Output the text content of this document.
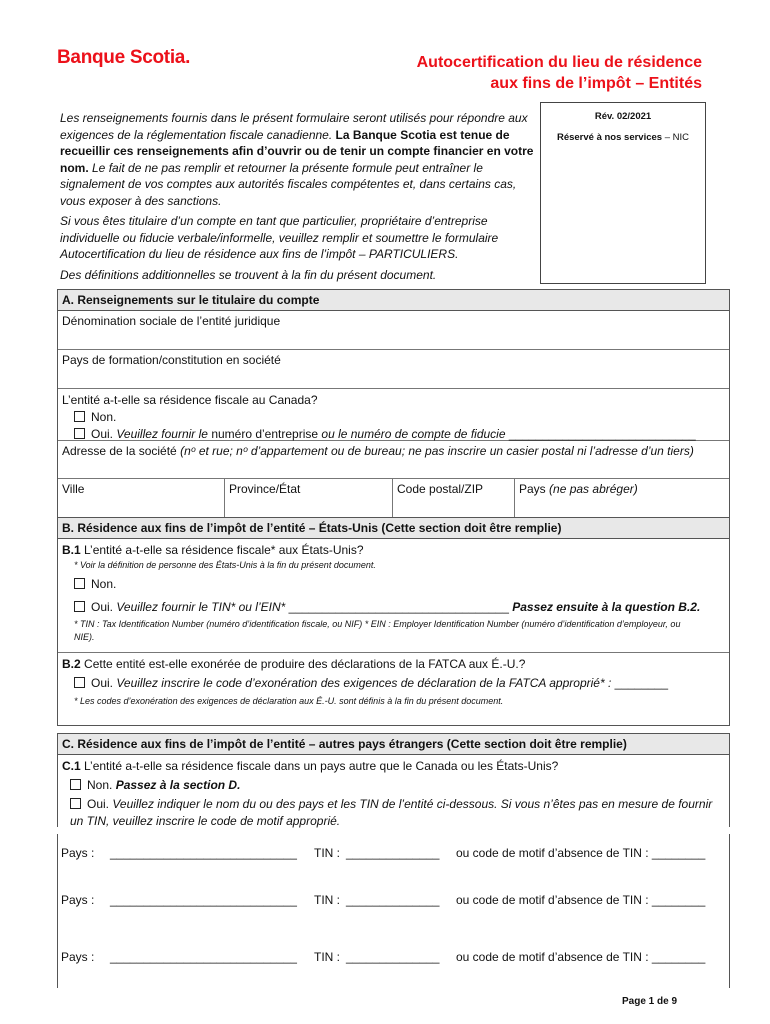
Banque Scotia.	Autocertification du lieu de résidence
aux fins de l’impôt – Entités

Les renseignements fournis dans le présent formulaire seront utilisés pour répondre aux exigences de la réglementation fiscale canadienne. La Banque Scotia est tenue de recueillir ces renseignements afin d’ouvrir ou de tenir un compte financier en votre nom. Le fait de ne pas remplir et retourner la présente formule peut entraîner le signalement de vos comptes aux autorités fiscales compétentes et, dans certains cas, vous exposer à des sanctions.

Si vous êtes titulaire d’un compte en tant que particulier, propriétaire d’entreprise individuelle ou fiducie verbale/informelle, veuillez remplir et soumettre le formulaire Autocertification du lieu de résidence aux fins de l’impôt – PARTICULIERS.

Des définitions additionnelles se trouvent à la fin du présent document.

Rév. 02/2021
Réservé à nos services – NIC
A. Renseignements sur le titulaire du compte
Dénomination sociale de l’entité juridique
Pays de formation/constitution en société
L’entité a-t-elle sa résidence fiscale au Canada?
Non.
Oui. Veuillez fournir le numéro d’entreprise ou le numéro de compte de fiducie ____________________________
Adresse de la société (nᵒ et rue; nᵒ d’appartement ou de bureau; ne pas inscrire un casier postal ni l’adresse d’un tiers)
Ville	Province/État	Code postal/ZIP	Pays (ne pas abréger)
B. Résidence aux fins de l’impôt de l’entité – États-Unis (Cette section doit être remplie)
B.1 L’entité a-t-elle sa résidence fiscale* aux États-Unis?
* Voir la définition de personne des États-Unis à la fin du présent document.
Non.
Oui. Veuillez fournir le TIN* ou l’EIN* _________________________________ Passez ensuite à la question B.2.
* TIN : Tax Identification Number (numéro d’identification fiscale, ou NIF) * EIN : Employer Identification Number (numéro d’identification d’employeur, ou NIE).
B.2 Cette entité est-elle exonérée de produire des déclarations de la FATCA aux É.-U.?
Oui. Veuillez inscrire le code d’exonération des exigences de déclaration de la FATCA approprié* : ________
* Les codes d’exonération des exigences de déclaration aux É.-U. sont définis à la fin du présent document.
C. Résidence aux fins de l’impôt de l’entité – autres pays étrangers (Cette section doit être remplie)
C.1 L’entité a-t-elle sa résidence fiscale dans un pays autre que le Canada ou les États-Unis?
Non. Passez à la section D.
Oui. Veuillez indiquer le nom du ou des pays et les TIN de l’entité ci-dessous. Si vous n’êtes pas en mesure de fournir un TIN, veuillez inscrire le code de motif approprié.
Pays : ____________________________ TIN : ______________ ou code de motif d’absence de TIN : ________
Pays : ____________________________ TIN : ______________ ou code de motif d’absence de TIN : ________
Pays : ____________________________ TIN : ______________ ou code de motif d’absence de TIN : ________
Page 1 de 9
